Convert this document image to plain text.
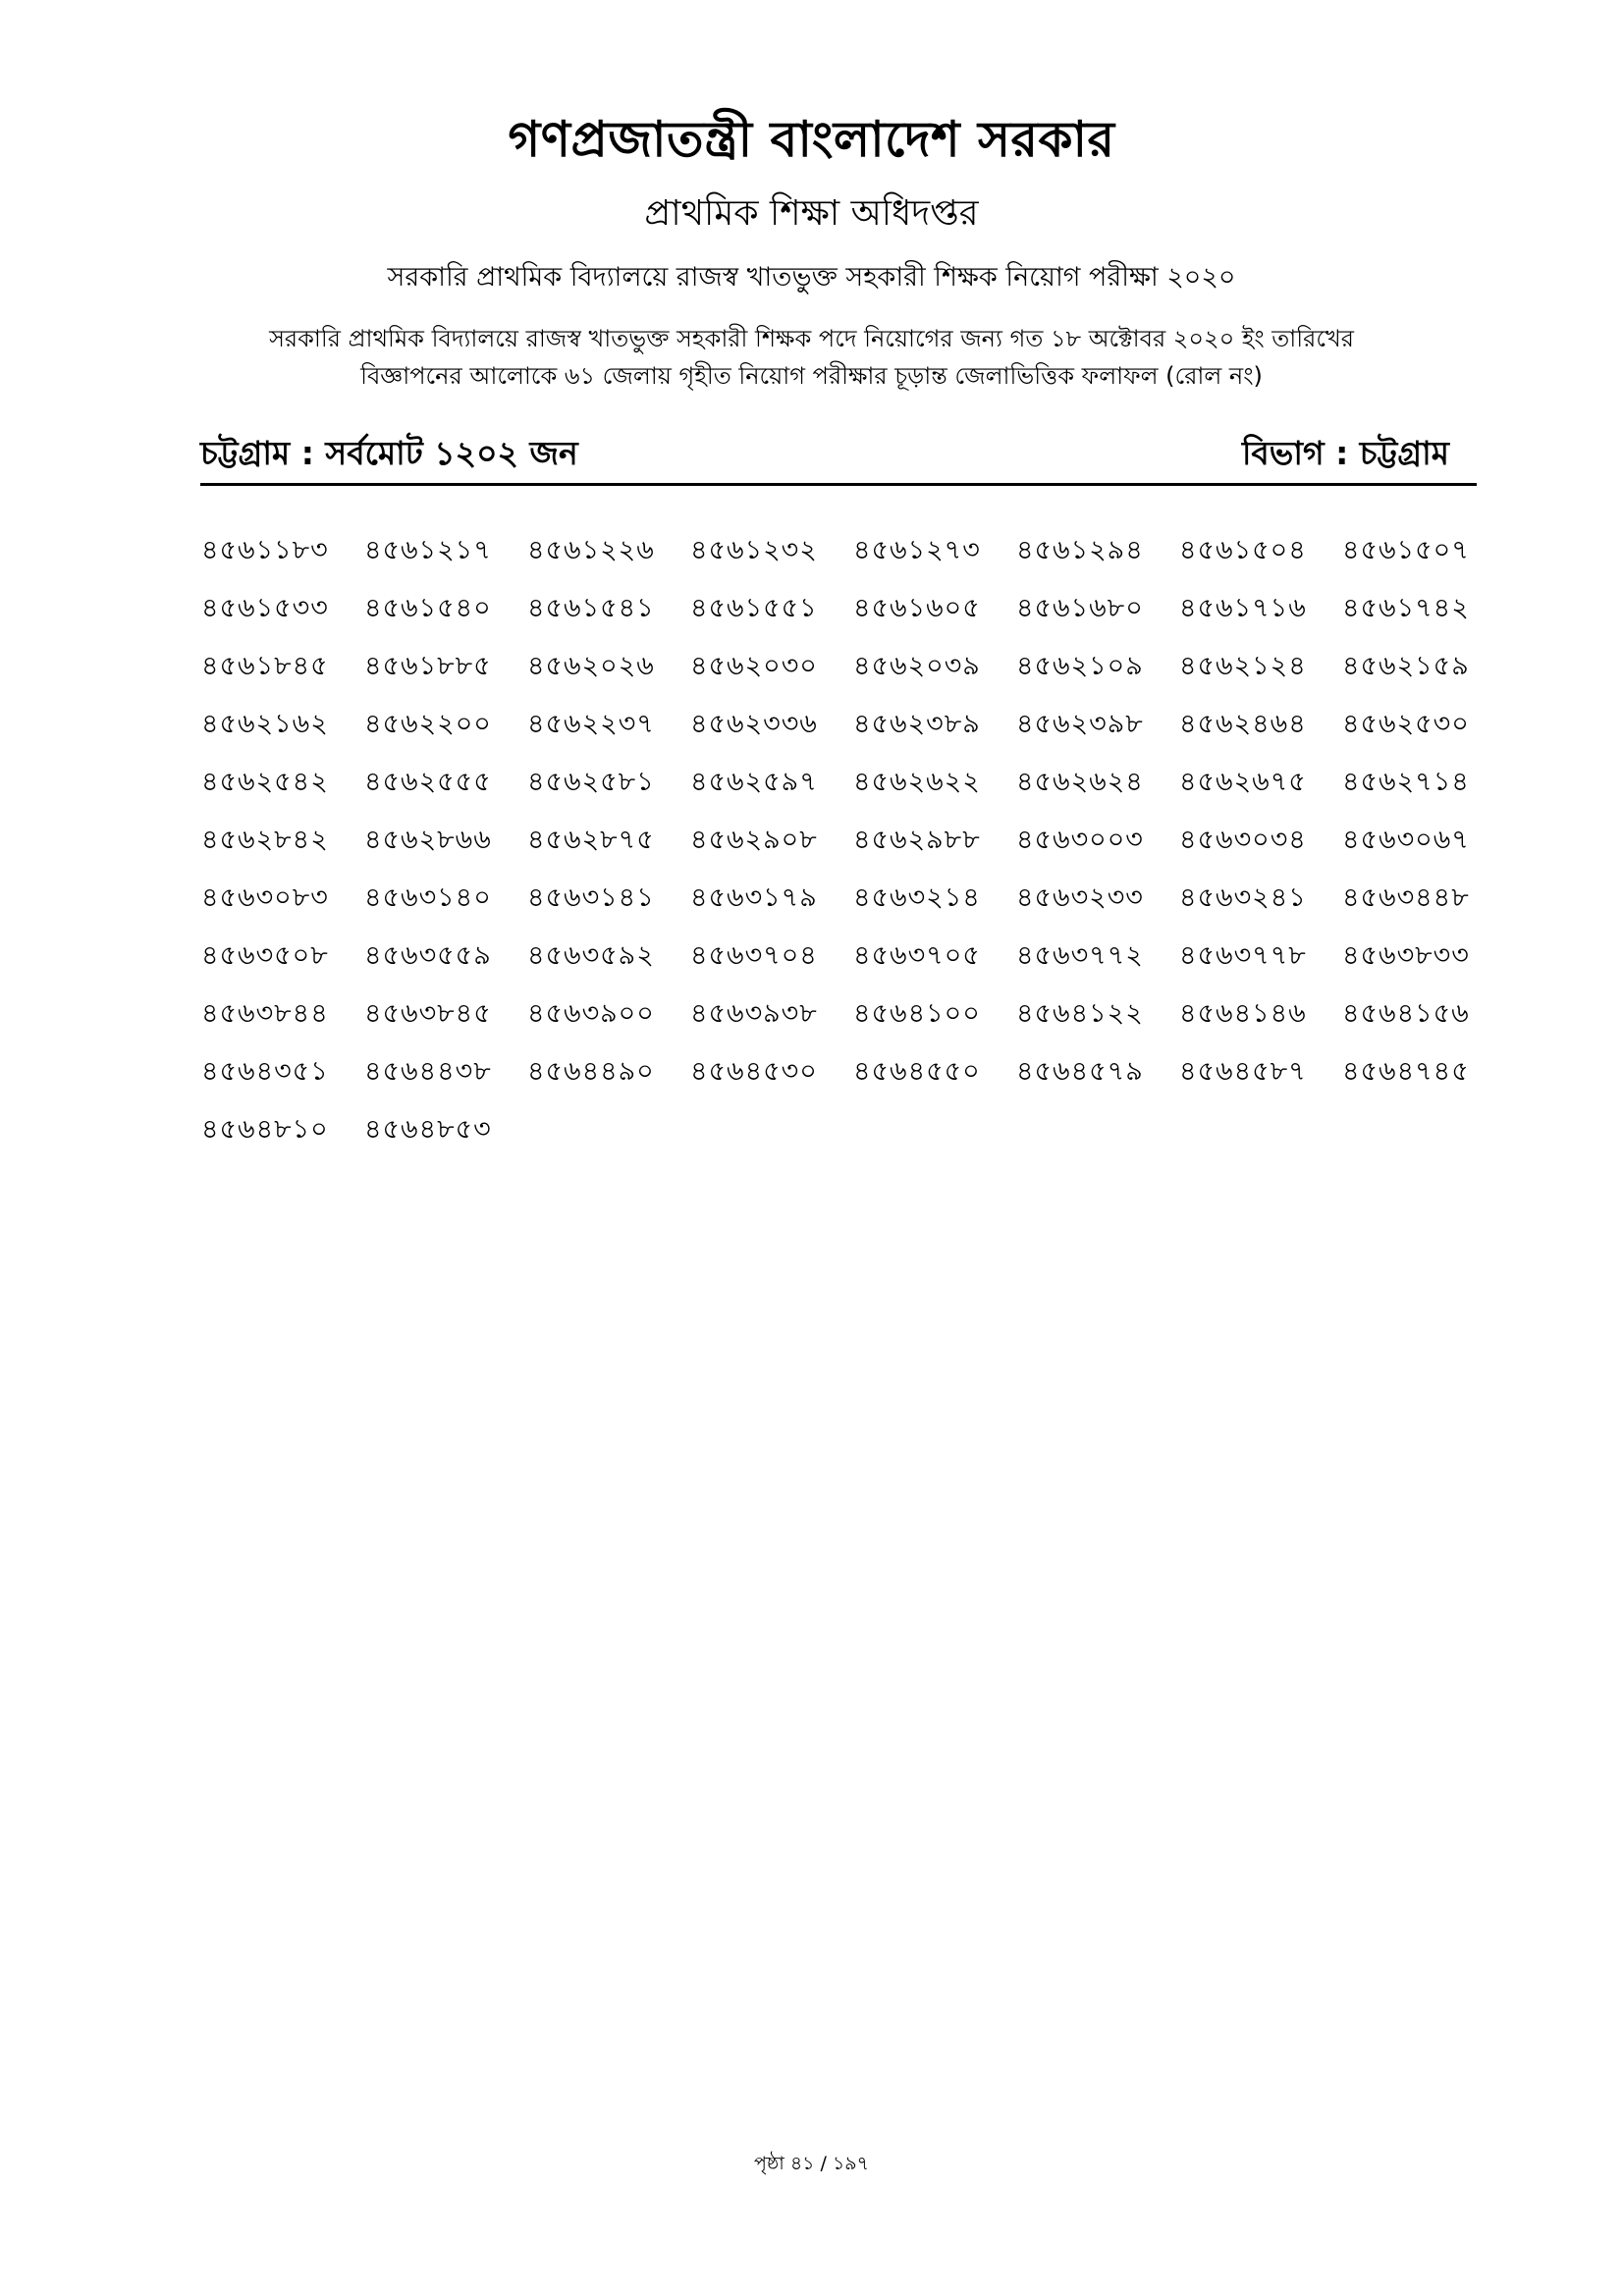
গণপ্রজাতন্ত্রী বাংলাদেশ সরকার
প্রাথমিক শিক্ষা অধিদপ্তর
সরকারি প্রাথমিক বিদ্যালয়ে রাজস্ব খাতভুক্ত সহকারী শিক্ষক নিয়োগ পরীক্ষা ২০২০
সরকারি প্রাথমিক বিদ্যালয়ে রাজস্ব খাতভুক্ত সহকারী শিক্ষক পদে নিয়োগের জন্য গত ১৮ অক্টোবর ২০২০ ইং তারিখের
বিজ্ঞাপনের আলোকে ৬১ জেলায় গৃহীত নিয়োগ পরীক্ষার চূড়ান্ত জেলাভিত্তিক ফলাফল (রোল নং)
চট্টগ্রাম : সর্বমোট ১২০২ জন	বিভাগ : চট্টগ্রাম
৪৫৬১১৮৩	৪৫৬১২১৭	৪৫৬১২২৬	৪৫৬১২৩২	৪৫৬১২৭৩	৪৫৬১২৯৪	৪৫৬১৫০৪	৪৫৬১৫০৭
৪৫৬১৫৩৩	৪৫৬১৫৪০	৪৫৬১৫৪১	৪৫৬১৫৫১	৪৫৬১৬০৫	৪৫৬১৬৮০	৪৫৬১৭১৬	৪৫৬১৭৪২
৪৫৬১৮৪৫	৪৫৬১৮৮৫	৪৫৬২০২৬	৪৫৬২০৩০	৪৫৬২০৩৯	৪৫৬২১০৯	৪৫৬২১২৪	৪৫৬২১৫৯
৪৫৬২১৬২	৪৫৬২২০০	৪৫৬২২৩৭	৪৫৬২৩৩৬	৪৫৬২৩৮৯	৪৫৬২৩৯৮	৪৫৬২৪৬৪	৪৫৬২৫৩০
৪৫৬২৫৪২	৪৫৬২৫৫৫	৪৫৬২৫৮১	৪৫৬২৫৯৭	৪৫৬২৬২২	৪৫৬২৬২৪	৪৫৬২৬৭৫	৪৫৬২৭১৪
৪৫৬২৮৪২	৪৫৬২৮৬৬	৪৫৬২৮৭৫	৪৫৬২৯০৮	৪৫৬২৯৮৮	৪৫৬৩০০৩	৪৫৬৩০৩৪	৪৫৬৩০৬৭
৪৫৬৩০৮৩	৪৫৬৩১৪০	৪৫৬৩১৪১	৪৫৬৩১৭৯	৪৫৬৩২১৪	৪৫৬৩২৩৩	৪৫৬৩২৪১	৪৫৬৩৪৪৮
৪৫৬৩৫০৮	৪৫৬৩৫৫৯	৪৫৬৩৫৯২	৪৫৬৩৭০৪	৪৫৬৩৭০৫	৪৫৬৩৭৭২	৪৫৬৩৭৭৮	৪৫৬৩৮৩৩
৪৫৬৩৮৪৪	৪৫৬৩৮৪৫	৪৫৬৩৯০০	৪৫৬৩৯৩৮	৪৫৬৪১০০	৪৫৬৪১২২	৪৫৬৪১৪৬	৪৫৬৪১৫৬
৪৫৬৪৩৫১	৪৫৬৪৪৩৮	৪৫৬৪৪৯০	৪৫৬৪৫৩০	৪৫৬৪৫৫০	৪৫৬৪৫৭৯	৪৫৬৪৫৮৭	৪৫৬৪৭৪৫
৪৫৬৪৮১০	৪৫৬৪৮৫৩
পৃষ্ঠা ৪১ / ১৯৭
